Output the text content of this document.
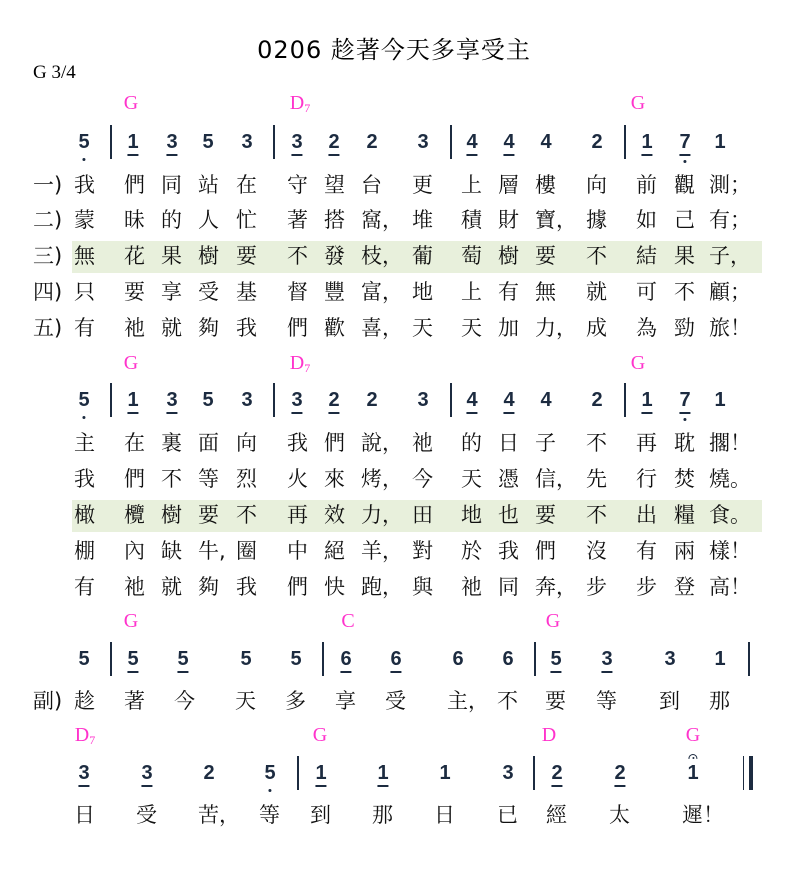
0206 趁著今天多享受主
G 3/4
G	$D_7$	G
5 1 3 5 3 3 2 2 3 4 4 4 2 1 7 1
一) 我 們 同 站 在 守 望 台 更 上 層 樓 向 前 觀 測；
二) 蒙 昧 的 人 忙 著 搭 窩， 堆 積 財 寶， 據 如 己 有；
三) 無 花 果 樹 要 不 發 枝， 葡 萄 樹 要 不 結 果 子，
四) 只 要 享 受 基 督 豐 富， 地 上 有 無 就 可 不 顧；
五) 有 祂 就 夠 我 們 歡 喜， 天 天 加 力， 成 為 勁 旅！
G	$D_7$	G
5 1 3 5 3 3 2 2 3 4 4 4 2 1 7 1
主 在 裏 面 向 我 們 說， 祂 的 日 子 不 再 耽 擱！
我 們 不 等 烈 火 來 烤， 今 天 憑 信， 先 行 焚 燒。
橄 欖 樹 要 不 再 效 力， 田 地 也 要 不 出 糧 食。
棚 內 缺 牛, 圈 中 絕 羊， 對 於 我 們 沒 有 兩 樣！
有 祂 就 夠 我 們 快 跑， 與 祂 同 奔， 步 步 登 高！
G	C	G
5 5 5	5 5 6 6	6 6 5 3	3 1
副) 趁 著 今 天 多 享 受 主， 不 要 等 到 那
$D_7$	G	D	G
3	3	2 5 1	1	1	3 2	2	1
日 受 苦， 等 到 那 日 已 經 太 遲！
